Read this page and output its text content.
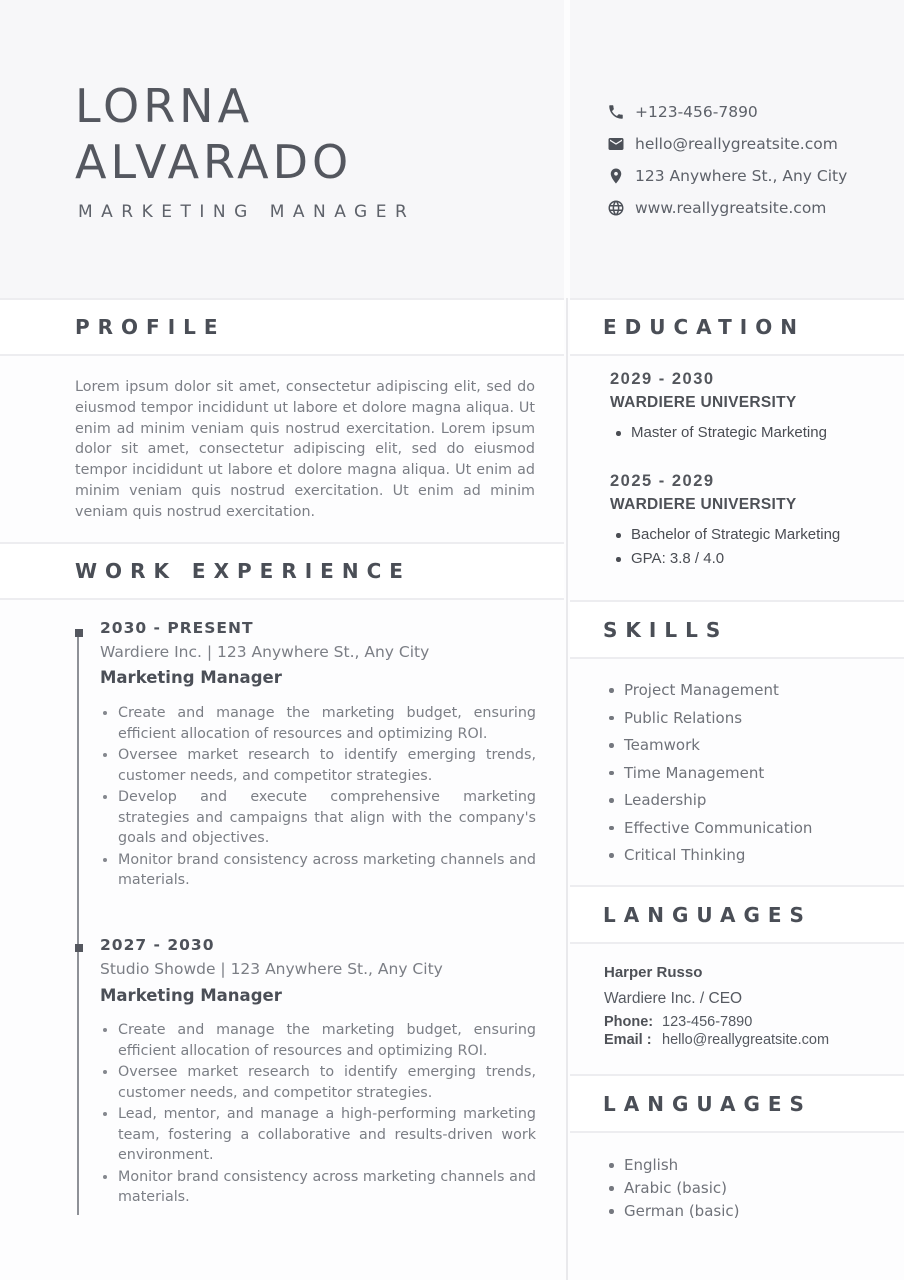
LORNA
ALVARADO
MARKETING MANAGER
+123-456-7890
hello@reallygreatsite.com
123 Anywhere St., Any City
www.reallygreatsite.com
PROFILE
WORK EXPERIENCE
EDUCATION
SKILLS
LANGUAGES
LANGUAGES
Lorem ipsum dolor sit amet, consectetur adipiscing elit, sed do eiusmod tempor incididunt ut labore et dolore magna aliqua. Ut enim ad minim veniam quis nostrud exercitation. Lorem ipsum dolor sit amet, consectetur adipiscing elit, sed do eiusmod tempor incididunt ut labore et dolore magna aliqua. Ut enim ad minim veniam quis nostrud exercitation. Ut enim ad minim veniam quis nostrud exercitation.
2030 - PRESENT
Wardiere Inc. | 123 Anywhere St., Any City
Marketing Manager
Create and manage the marketing budget, ensuring efficient allocation of resources and optimizing ROI.
Oversee market research to identify emerging trends, customer needs, and competitor strategies.
Develop and execute comprehensive marketing strategies and campaigns that align with the company's goals and objectives.
Monitor brand consistency across marketing channels and materials.
2027 - 2030
Studio Showde | 123 Anywhere St., Any City
Marketing Manager
Create and manage the marketing budget, ensuring efficient allocation of resources and optimizing ROI.
Oversee market research to identify emerging trends, customer needs, and competitor strategies.
Lead, mentor, and manage a high-performing marketing team, fostering a collaborative and results-driven work environment.
Monitor brand consistency across marketing channels and materials.
2029 - 2030
WARDIERE UNIVERSITY
Master of Strategic Marketing
2025 - 2029
WARDIERE UNIVERSITY
Bachelor of Strategic Marketing
GPA: 3.8 / 4.0
Project Management
Public Relations
Teamwork
Time Management
Leadership
Effective Communication
Critical Thinking
Harper Russo
Wardiere Inc. / CEO
Phone: 123-456-7890
Email : hello@reallygreatsite.com
English
Arabic (basic)
German (basic)
